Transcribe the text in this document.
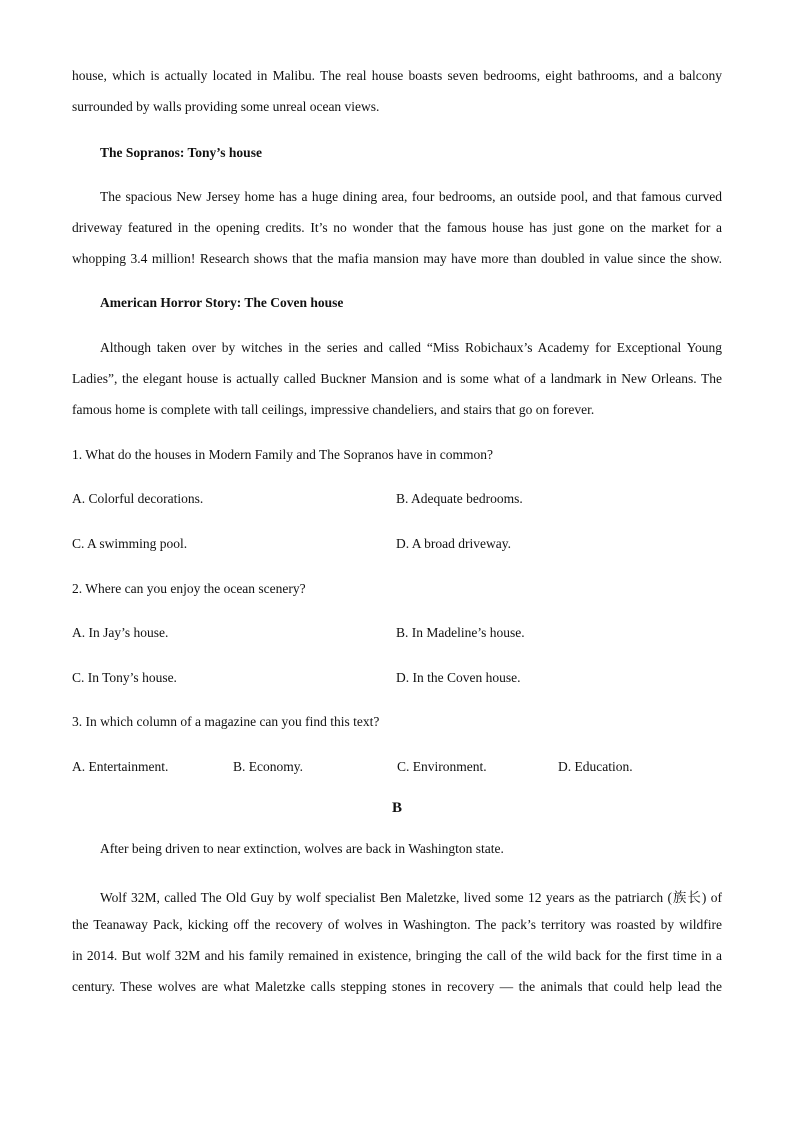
house, which is actually located in Malibu. The real house boasts seven bedrooms, eight bathrooms, and a balcony
surrounded by walls providing some unreal ocean views.
The Sopranos: Tony’s house
The spacious New Jersey home has a huge dining area, four bedrooms, an outside pool, and that famous curved
driveway featured in the opening credits. It’s no wonder that the famous house has just gone on the market for a
whopping 3.4 million! Research shows that the mafia mansion may have more than doubled in value since the show.
American Horror Story: The Coven house
Although taken over by witches in the series and called “Miss Robichaux’s Academy for Exceptional Young
Ladies”, the elegant house is actually called Buckner Mansion and is some what of a landmark in New Orleans. The
famous home is complete with tall ceilings, impressive chandeliers, and stairs that go on forever.
1. What do the houses in Modern Family and The Sopranos have in common?
A. Colorful decorations.	B. Adequate bedrooms.
C. A swimming pool.	D. A broad driveway.
2. Where can you enjoy the ocean scenery?
A. In Jay’s house.	B. In Madeline’s house.
C. In Tony’s house.	D. In the Coven house.
3. In which column of a magazine can you find this text?
A. Entertainment.	B. Economy.	C. Environment.	D. Education.
B
After being driven to near extinction, wolves are back in Washington state.
Wolf 32M, called The Old Guy by wolf specialist Ben Maletzke, lived some 12 years as the patriarch (族长) of
the Teanaway Pack, kicking off the recovery of wolves in Washington. The pack’s territory was roasted by wildfire
in 2014. But wolf 32M and his family remained in existence, bringing the call of the wild back for the first time in a
century. These wolves are what Maletzke calls stepping stones in recovery — the animals that could help lead the
